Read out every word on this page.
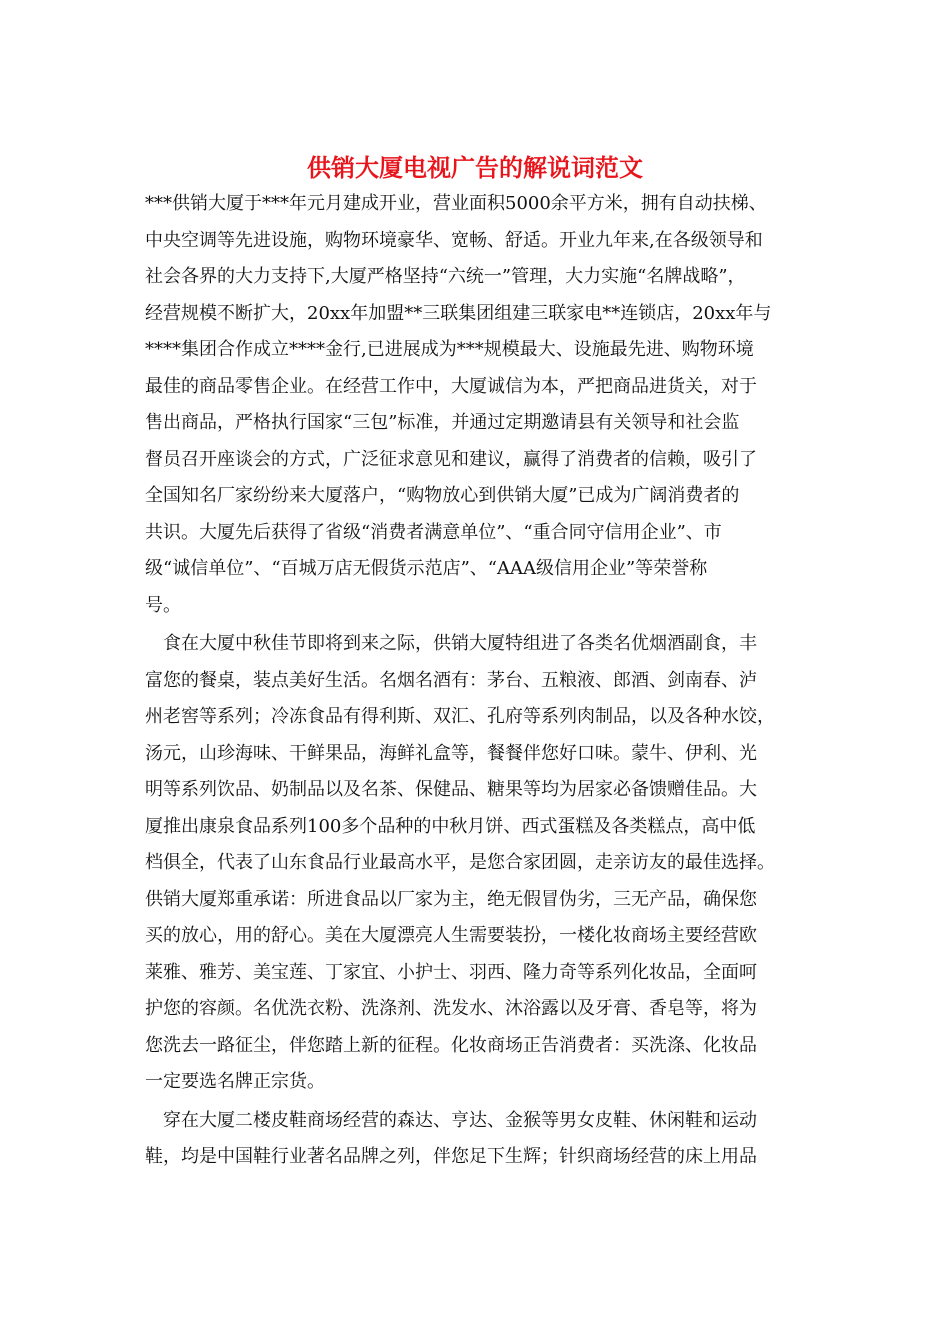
供销大厦电视广告的解说词范文
***供销大厦于***年元月建成开业，营业面积5000余平方米，拥有自动扶梯、
中央空调等先进设施，购物环境豪华、宽畅、舒适。开业九年来,在各级领导和
社会各界的大力支持下,大厦严格坚持“六统一”管理，大力实施“名牌战略”，
经营规模不断扩大，20xx年加盟**三联集团组建三联家电**连锁店，20xx年与
****集团合作成立****金行,已进展成为***规模最大、设施最先进、购物环境
最佳的商品零售企业。在经营工作中，大厦诚信为本，严把商品进货关，对于
售出商品，严格执行国家“三包”标准，并通过定期邀请县有关领导和社会监
督员召开座谈会的方式，广泛征求意见和建议，赢得了消费者的信赖，吸引了
全国知名厂家纷纷来大厦落户，“购物放心到供销大厦”已成为广阔消费者的
共识。大厦先后获得了省级“消费者满意单位”、“重合同守信用企业”、市
级“诚信单位”、“百城万店无假货示范店”、“AAA级信用企业”等荣誉称
号。
　食在大厦中秋佳节即将到来之际，供销大厦特组进了各类名优烟酒副食，丰
富您的餐桌，装点美好生活。名烟名酒有：茅台、五粮液、郎酒、剑南春、泸
州老窖等系列；冷冻食品有得利斯、双汇、孔府等系列肉制品，以及各种水饺，
汤元，山珍海味、干鲜果品，海鲜礼盒等，餐餐伴您好口味。蒙牛、伊利、光
明等系列饮品、奶制品以及名茶、保健品、糖果等均为居家必备馈赠佳品。大
厦推出康泉食品系列100多个品种的中秋月饼、西式蛋糕及各类糕点，高中低
档俱全，代表了山东食品行业最高水平，是您合家团圆，走亲访友的最佳选择。
供销大厦郑重承诺：所进食品以厂家为主，绝无假冒伪劣，三无产品，确保您
买的放心，用的舒心。美在大厦漂亮人生需要装扮，一楼化妆商场主要经营欧
莱雅、雅芳、美宝莲、丁家宜、小护士、羽西、隆力奇等系列化妆品，全面呵
护您的容颜。名优洗衣粉、洗涤剂、洗发水、沐浴露以及牙膏、香皂等，将为
您洗去一路征尘，伴您踏上新的征程。化妆商场正告消费者：买洗涤、化妆品
一定要选名牌正宗货。
　穿在大厦二楼皮鞋商场经营的森达、亨达、金猴等男女皮鞋、休闲鞋和运动
鞋，均是中国鞋行业著名品牌之列，伴您足下生辉；针织商场经营的床上用品
